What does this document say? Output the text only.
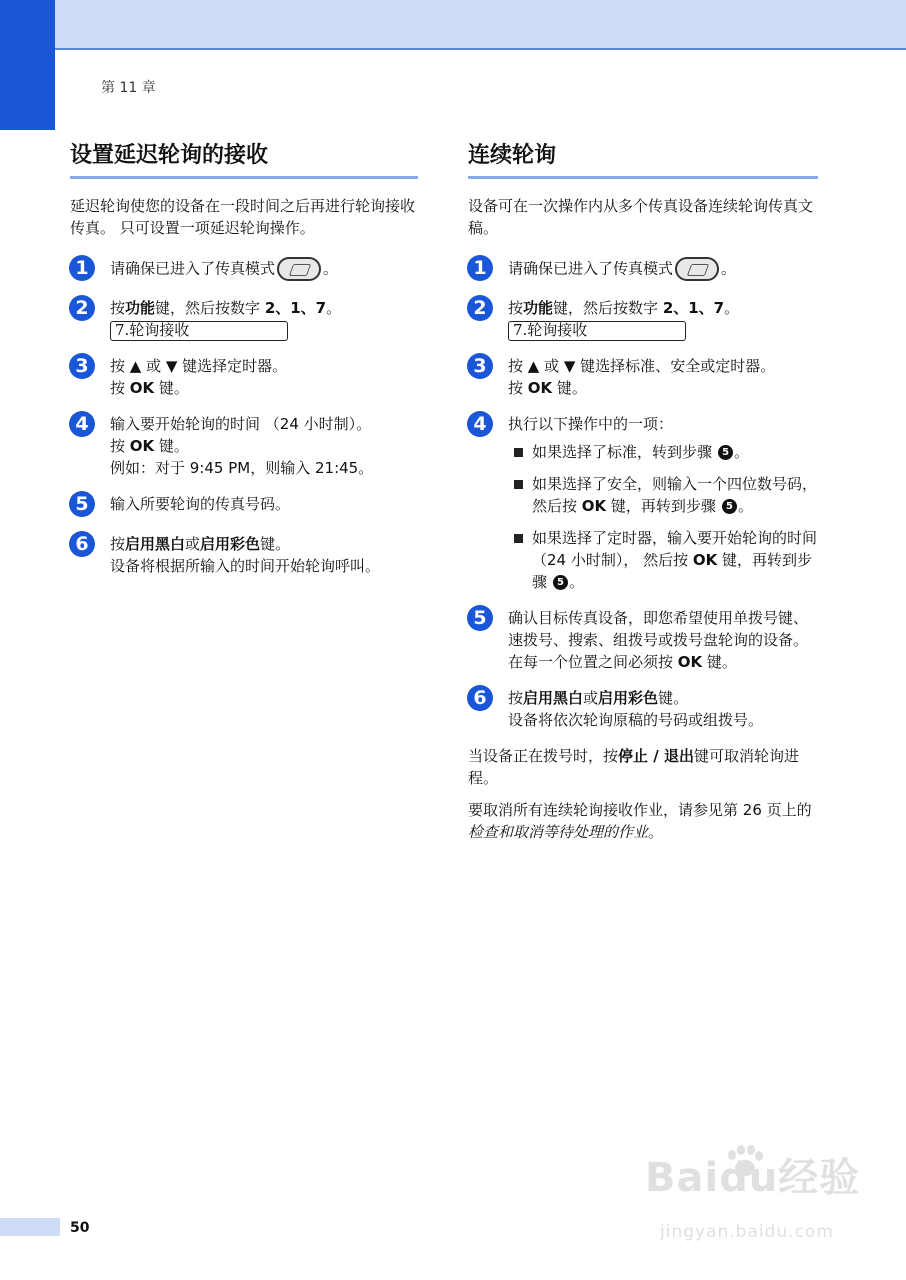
第 11 章
设置延迟轮询的接收
延迟轮询使您的设备在一段时间之后再进行轮询接收传真。 只可设置一项延迟轮询操作。
1	请确保已进入了传真模式	。
2	按功能键，然后按数字 2、1、7。
7.轮询接收
3	按 ▲ 或 ▼ 键选择定时器。
按 OK 键。
4	输入要开始轮询的时间 （24 小时制）。
按 OK 键。
例如：对于 9:45 PM，则输入 21:45。
5	输入所要轮询的传真号码。
6	按启用黑白或启用彩色键。
设备将根据所输入的时间开始轮询呼叫。
连续轮询
设备可在一次操作内从多个传真设备连续轮询传真文稿。
1	请确保已进入了传真模式	。
2	按功能键，然后按数字 2、1、7。
7.轮询接收
3	按 ▲ 或 ▼ 键选择标准、安全或定时器。
按 OK 键。
4	执行以下操作中的一项：
如果选择了标准，转到步骤 5 。
如果选择了安全，则输入一个四位数号码，然后按 OK 键，再转到步骤 5 。
如果选择了定时器，输入要开始轮询的时间 （24 小时制）， 然后按 OK 键，再转到步骤 5 。
5	确认目标传真设备，即您希望使用单拨号键、速拨号、搜索、组拨号或拨号盘轮询的设备。在每一个位置之间必须按 OK 键。
6	按启用黑白或启用彩色键。
设备将依次轮询原稿的号码或组拨号。
当设备正在拨号时，按停止 / 退出键可取消轮询进程。
要取消所有连续轮询接收作业，请参见第 26 页上的检查和取消等待处理的作业。
50
Baidu经验
jingyan.baidu.com
